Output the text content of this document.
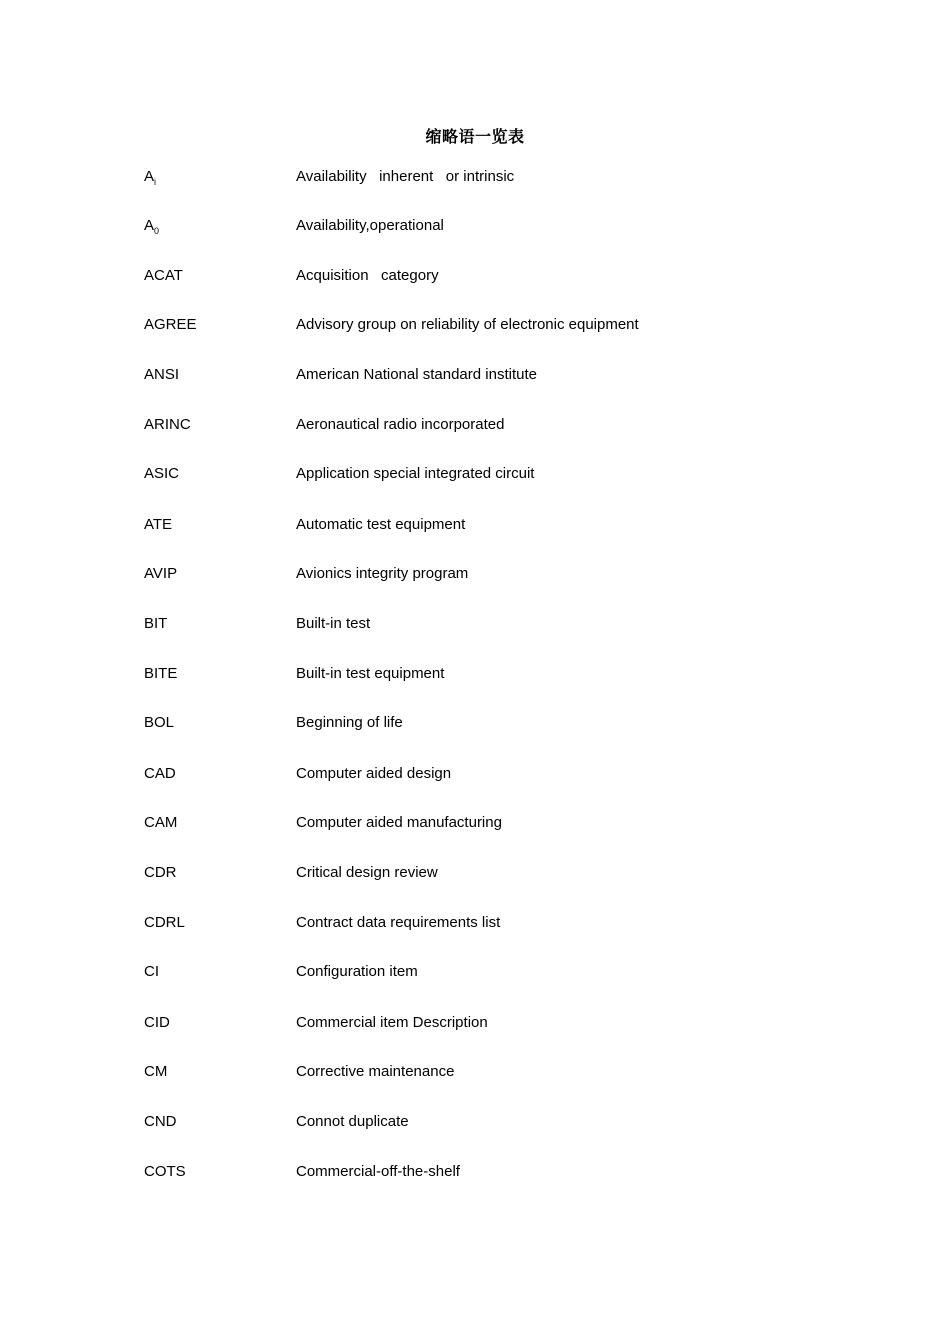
缩略语一览表
$A_i$	Availability   inherent   or intrinsic
$A_0$	Availability,operational
ACAT	Acquisition   category
AGREE	Advisory group on reliability of electronic equipment
ANSI	American National standard institute
ARINC	Aeronautical radio incorporated
ASIC	Application special integrated circuit
ATE	Automatic test equipment
AVIP	Avionics integrity program
BIT	Built-in test
BITE	Built-in test equipment
BOL	Beginning of life
CAD	Computer aided design
CAM	Computer aided manufacturing
CDR	Critical design review
CDRL	Contract data requirements list
CI	Configuration item
CID	Commercial item Description
CM	Corrective maintenance
CND	Connot duplicate
COTS	Commercial-off-the-shelf
